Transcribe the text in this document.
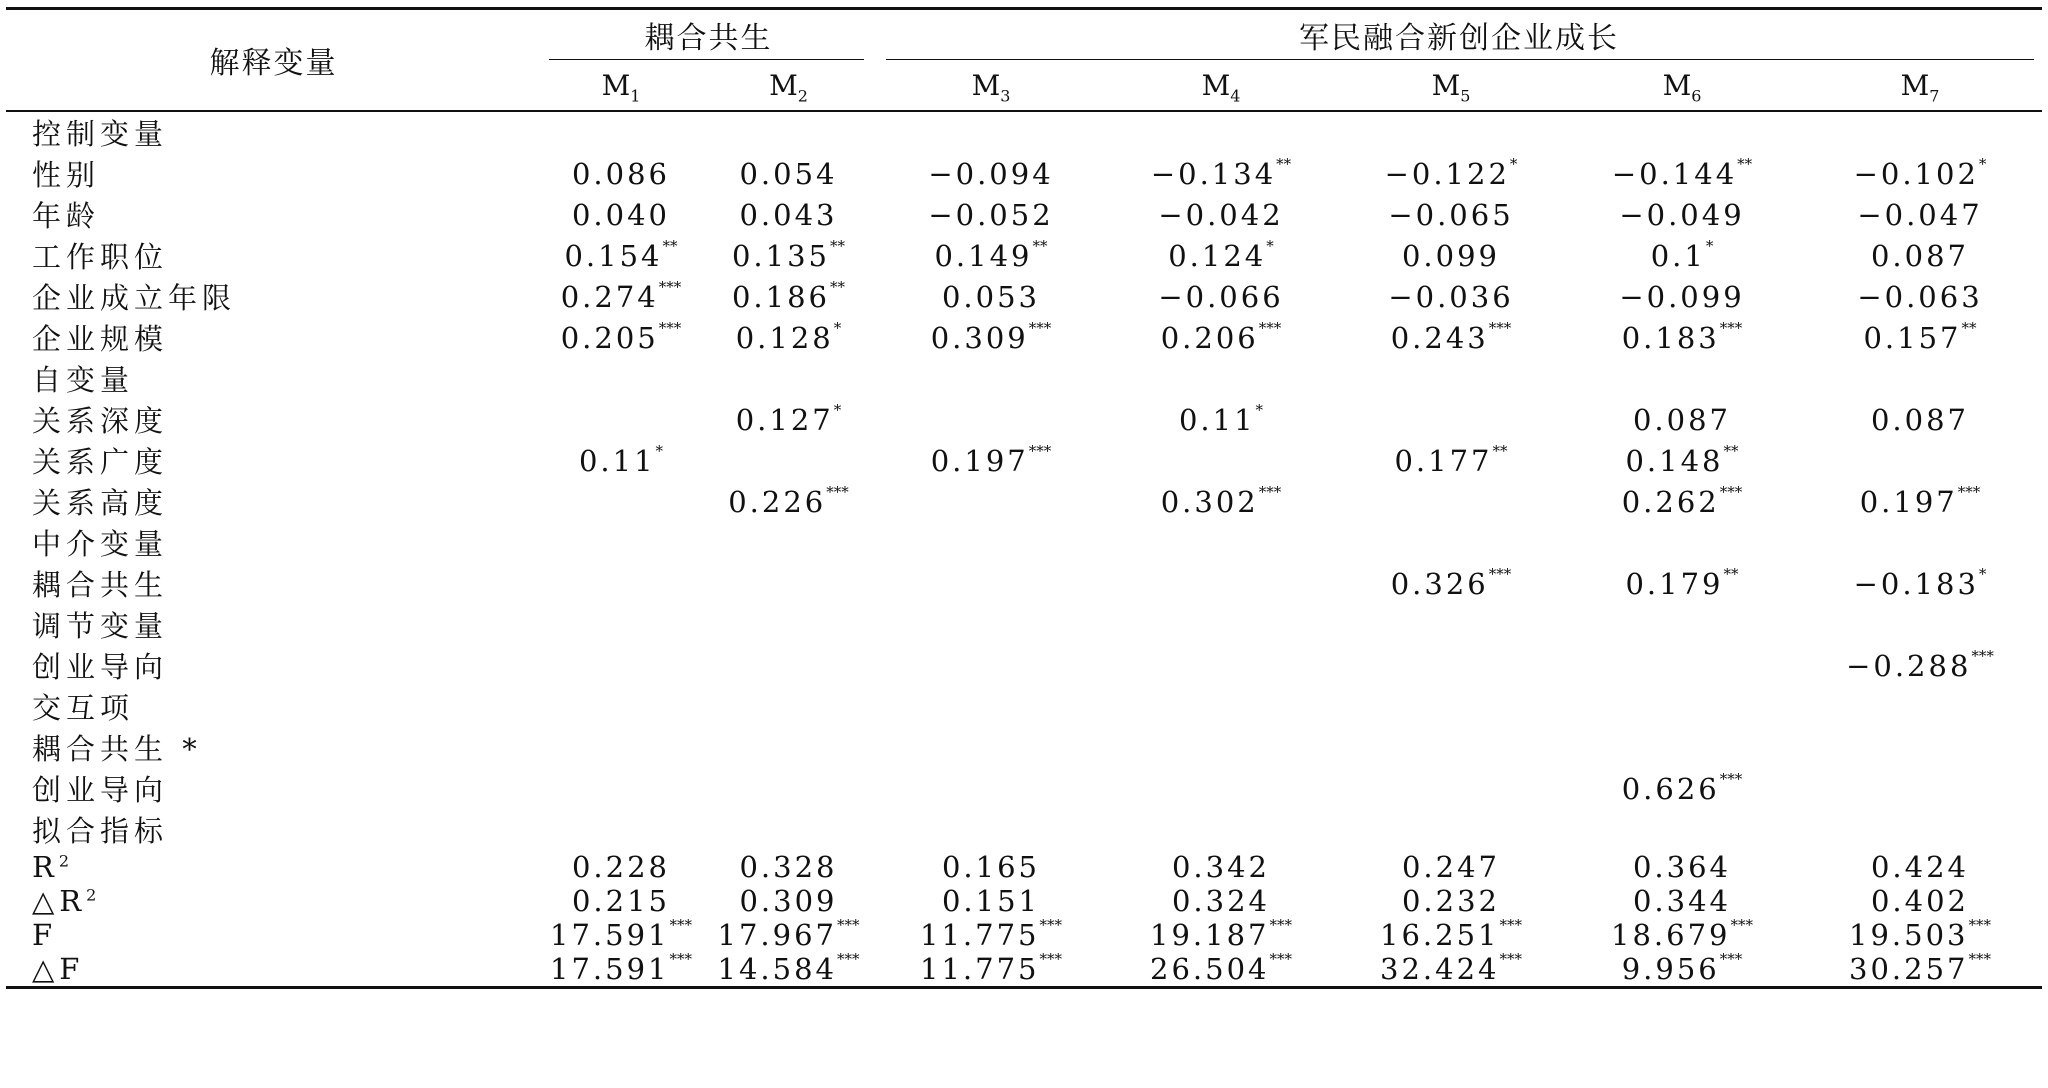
解释变量	耦合共生		军民融合新创企业成长				
	$M_1$	$M_2$	$M_3$	$M_4$	$M_5$	$M_6$	$M_7$
控制变量							
性别	0.086	0.054	−0.094	−0.134**	−0.122*	−0.144**	−0.102*
年龄	0.040	0.043	−0.052	−0.042	−0.065	−0.049	−0.047
工作职位	0.154**	0.135**	0.149**	0.124*	0.099	0.1*	0.087
企业成立年限	0.274***	0.186**	0.053	−0.066	−0.036	−0.099	−0.063
企业规模	0.205***	0.128*	0.309***	0.206***	0.243***	0.183***	0.157**
自变量							
关系深度		0.127*		0.11*		0.087	0.087
关系广度	0.11*		0.197***		0.177**	0.148**	
关系高度		0.226***		0.302***		0.262***	0.197***
中介变量							
耦合共生					0.326***	0.179**	−0.183*
调节变量							
创业导向							−0.288***
交互项							
耦合共生 *							
创业导向						0.626***	
拟合指标							
$R^2$	0.228	0.328	0.165	0.342	0.247	0.364	0.424
$\triangle R^2$	0.215	0.309	0.151	0.324	0.232	0.344	0.402
F	17.591***	17.967***	11.775***	19.187***	16.251***	18.679***	19.503***
△F	17.591***	14.584***	11.775***	26.504***	32.424***	9.956***	30.257***
